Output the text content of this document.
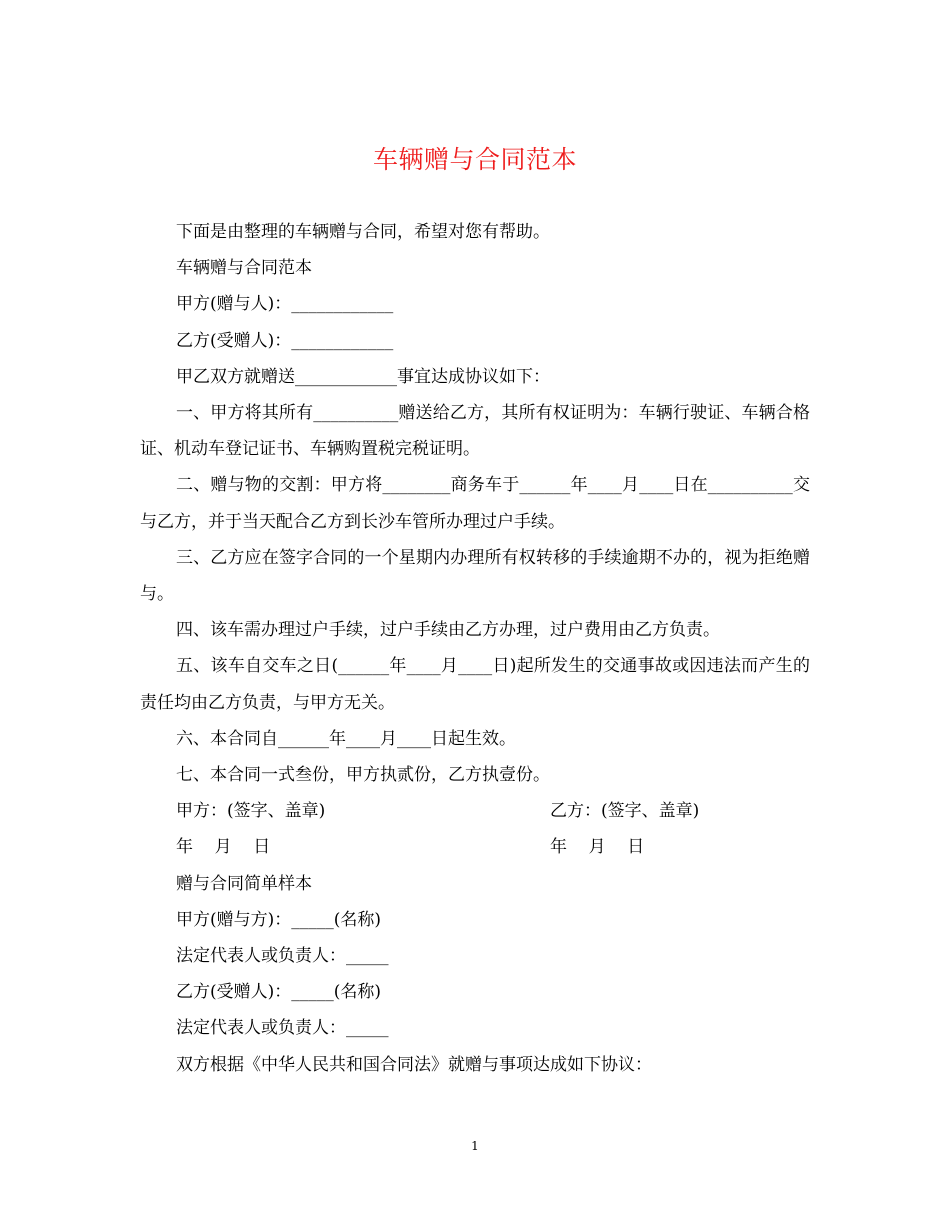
车辆赠与合同范本

下面是由整理的车辆赠与合同，希望对您有帮助。

车辆赠与合同范本

甲方(赠与人)：____________

乙方(受赠人)：____________

甲乙双方就赠送____________事宜达成协议如下：

一、甲方将其所有__________赠送给乙方，其所有权证明为：车辆行驶证、车辆合格证、机动车登记证书、车辆购置税完税证明。

二、赠与物的交割：甲方将________商务车于______年____月____日在__________交与乙方，并于当天配合乙方到长沙车管所办理过户手续。

三、乙方应在签字合同的一个星期内办理所有权转移的手续逾期不办的，视为拒绝赠与。

四、该车需办理过户手续，过户手续由乙方办理，过户费用由乙方负责。

五、该车自交车之日(______年____月____日)起所发生的交通事故或因违法而产生的责任均由乙方负责，与甲方无关。

六、本合同自______年____月____日起生效。

七、本合同一式叁份，甲方执贰份，乙方执壹份。

甲方：(签字、盖章)	乙方：(签字、盖章)
年    月    日	年    月    日

赠与合同简单样本

甲方(赠与方)：_____(名称)

法定代表人或负责人：_____

乙方(受赠人)：_____(名称)

法定代表人或负责人：_____

双方根据《中华人民共和国合同法》就赠与事项达成如下协议：

1
